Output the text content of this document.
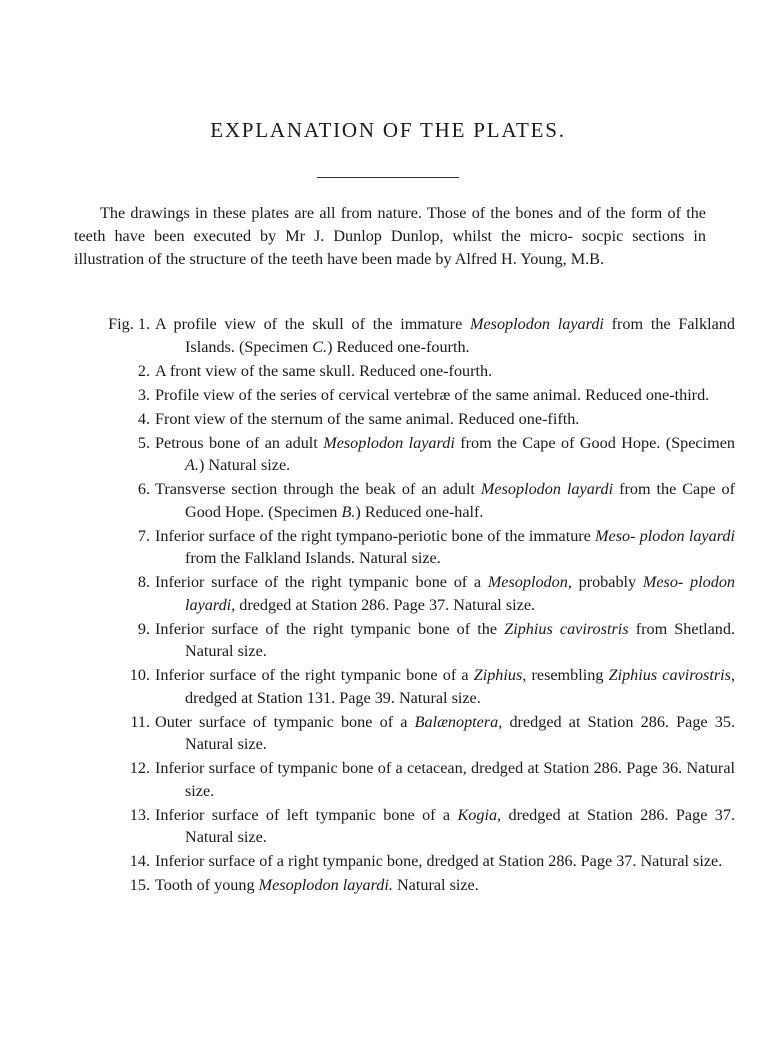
EXPLANATION OF THE PLATES.

The drawings in these plates are all from nature. Those of the bones and of the form of the teeth have been executed by Mr J. Dunlop Dunlop, whilst the micro- socpic sections in illustration of the structure of the teeth have been made by Alfred H. Young, M.B.

Fig. 1. A profile view of the skull of the immature Mesoplodon layardi from the Falkland Islands. (Specimen C.) Reduced one-fourth.
2. A front view of the same skull. Reduced one-fourth.
3. Profile view of the series of cervical vertebræ of the same animal. Reduced one-third.
4. Front view of the sternum of the same animal. Reduced one-fifth.
5. Petrous bone of an adult Mesoplodon layardi from the Cape of Good Hope. (Specimen A.) Natural size.
6. Transverse section through the beak of an adult Mesoplodon layardi from the Cape of Good Hope. (Specimen B.) Reduced one-half.
7. Inferior surface of the right tympano-periotic bone of the immature Meso- plodon layardi from the Falkland Islands. Natural size.
8. Inferior surface of the right tympanic bone of a Mesoplodon, probably Meso- plodon layardi, dredged at Station 286. Page 37. Natural size.
9. Inferior surface of the right tympanic bone of the Ziphius cavirostris from Shetland. Natural size.
10. Inferior surface of the right tympanic bone of a Ziphius, resembling Ziphius cavirostris, dredged at Station 131. Page 39. Natural size.
11. Outer surface of tympanic bone of a Balænoptera, dredged at Station 286. Page 35. Natural size.
12. Inferior surface of tympanic bone of a cetacean, dredged at Station 286. Page 36. Natural size.
13. Inferior surface of left tympanic bone of a Kogia, dredged at Station 286. Page 37. Natural size.
14. Inferior surface of a right tympanic bone, dredged at Station 286. Page 37. Natural size.
15. Tooth of young Mesoplodon layardi. Natural size.
